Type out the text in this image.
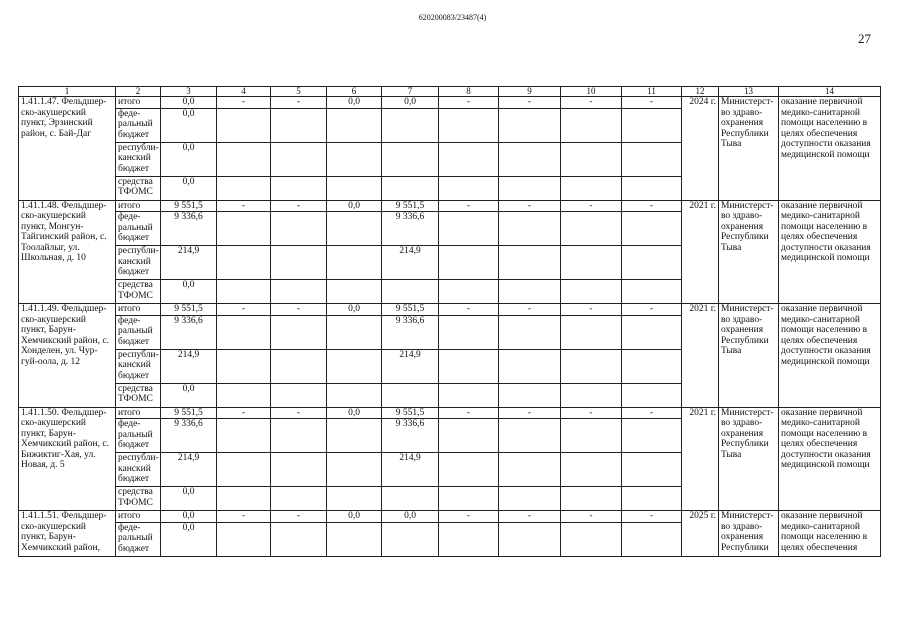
620200083/23487(4)
27
1	2	3	4	5	6	7	8	9	10	11	12	13	14
1.41.1.47. Фельдшер-ско-акушерский пункт, Эрзинский район, с. Бай-Даг	итого	0,0	-	-	0,0	0,0	-	-	-	-	2024 г.	Министерст-во здраво-охранения Республики Тыва	оказание первичной медико-санитарной помощи населению в целях обеспечения доступности оказания медицинской помощи
	феде-ральный бюджет	0,0											
	республи-канский бюджет	0,0											
	средства ТФОМС	0,0											
1.41.1.48. Фельдшер-ско-акушерский пункт, Монгун-Тайгинский район, с. Тоолайлыг, ул. Школьная, д. 10	итого	9 551,5	-	-	0,0	9 551,5	-	-	-	-	2021 г.	Министерст-во здраво-охранения Республики Тыва	оказание первичной медико-санитарной помощи населению в целях обеспечения доступности оказания медицинской помощи
	феде-ральный бюджет	9 336,6				9 336,6							
	республи-канский бюджет	214,9				214,9							
	средства ТФОМС	0,0											
1.41.1.49. Фельдшер-ско-акушерский пункт, Барун-Хемчикский район, с. Хонделен, ул. Чур-гуй-оола, д. 12	итого	9 551,5	-	-	0,0	9 551,5	-	-	-	-	2021 г.	Министерст-во здраво-охранения Республики Тыва	оказание первичной медико-санитарной помощи населению в целях обеспечения доступности оказания медицинской помощи
	феде-ральный бюджет	9 336,6				9 336,6							
	республи-канский бюджет	214,9				214,9							
	средства ТФОМС	0,0											
1.41.1.50. Фельдшер-ско-акушерский пункт, Барун-Хемчикский район, с. Бижиктиг-Хая, ул. Новая, д. 5	итого	9 551,5	-	-	0,0	9 551,5	-	-	-	-	2021 г.	Министерст-во здраво-охранения Республики Тыва	оказание первичной медико-санитарной помощи населению в целях обеспечения доступности оказания медицинской помощи
	феде-ральный бюджет	9 336,6				9 336,6							
	республи-канский бюджет	214,9				214,9							
	средства ТФОМС	0,0											
1.41.1.51. Фельдшер-ско-акушерский пункт, Барун-Хемчикский район,	итого	0,0	-	-	0,0	0,0	-	-	-	-	2025 г.	Министерст-во здраво-охранения Республики	оказание первичной медико-санитарной помощи населению в целях обеспечения
	феде-ральный бюджет	0,0											
